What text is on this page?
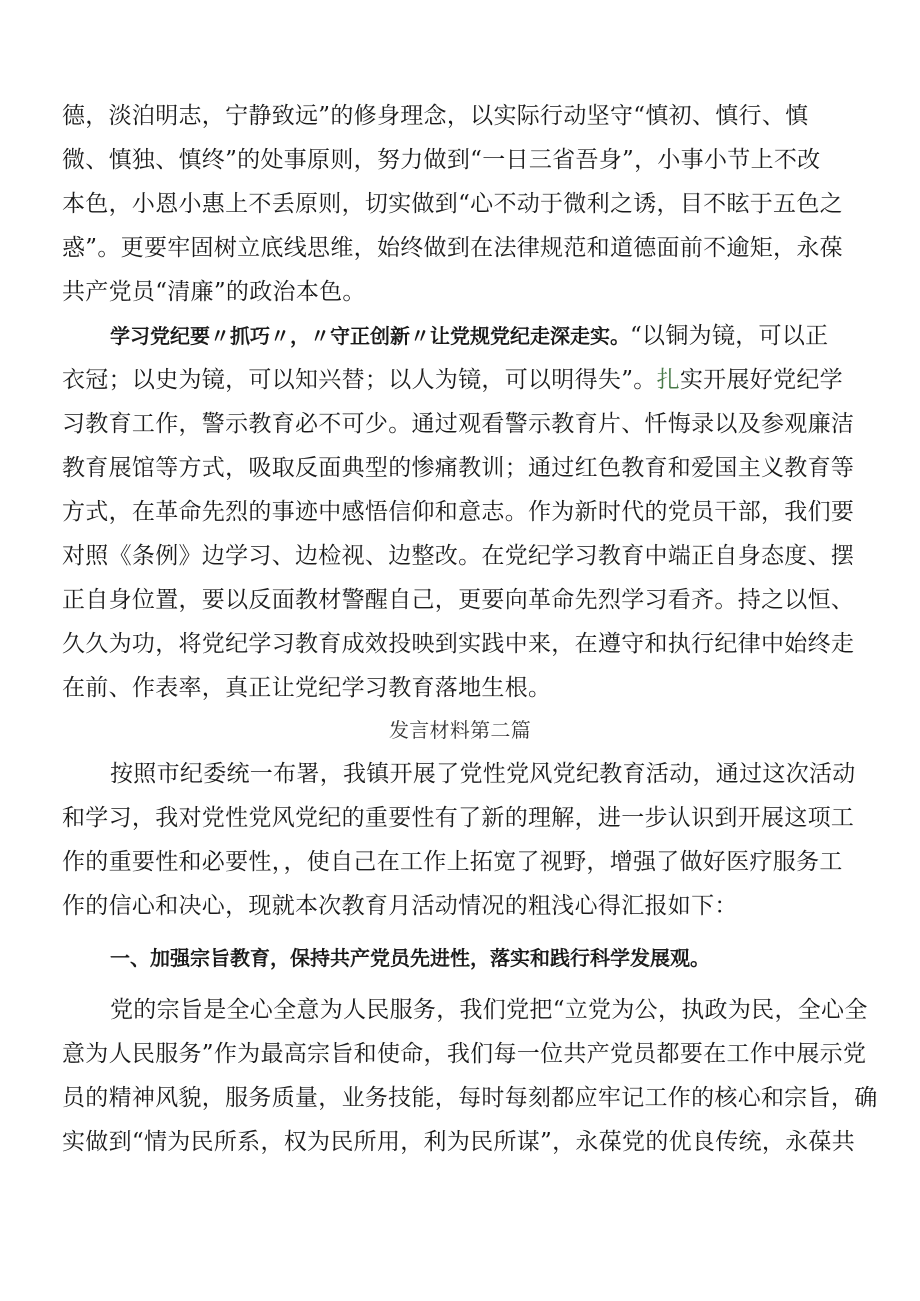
德，淡泊明志，宁静致远”的修身理念，以实际行动坚守“慎初、慎行、慎

微、慎独、慎终”的处事原则，努力做到“一日三省吾身”，小事小节上不改

本色，小恩小惠上不丢原则，切实做到“心不动于微利之诱，目不眩于五色之

惑”。更要牢固树立底线思维，始终做到在法律规范和道德面前不逾矩，永葆

共产党员“清廉”的政治本色。

学习党纪要〃抓巧〃，〃守正创新〃让党规党纪走深走实。“以铜为镜，可以正

衣冠；以史为镜，可以知兴替；以人为镜，可以明得失”。扎实开展好党纪学

习教育工作，警示教育必不可少。通过观看警示教育片、忏悔录以及参观廉洁

教育展馆等方式，吸取反面典型的惨痛教训；通过红色教育和爱国主义教育等

方式，在革命先烈的事迹中感悟信仰和意志。作为新时代的党员干部，我们要

对照《条例》边学习、边检视、边整改。在党纪学习教育中端正自身态度、摆

正自身位置，要以反面教材警醒自己，更要向革命先烈学习看齐。持之以恒、

久久为功，将党纪学习教育成效投映到实践中来，在遵守和执行纪律中始终走

在前、作表率，真正让党纪学习教育落地生根。

发言材料第二篇

按照市纪委统一布署，我镇开展了党性党风党纪教育活动，通过这次活动

和学习，我对党性党风党纪的重要性有了新的理解，进一步认识到开展这项工

作的重要性和必要性，，使自己在工作上拓宽了视野，增强了做好医疗服务工

作的信心和决心，现就本次教育月活动情况的粗浅心得汇报如下：

一、加强宗旨教育，保持共产党员先进性，落实和践行科学发展观。

党的宗旨是全心全意为人民服务，我们党把“立党为公，执政为民，全心全

意为人民服务”作为最高宗旨和使命，我们每一位共产党员都要在工作中展示党

员的精神风貌，服务质量，业务技能，每时每刻都应牢记工作的核心和宗旨，确

实做到“情为民所系，权为民所用，利为民所谋”，永葆党的优良传统，永葆共
